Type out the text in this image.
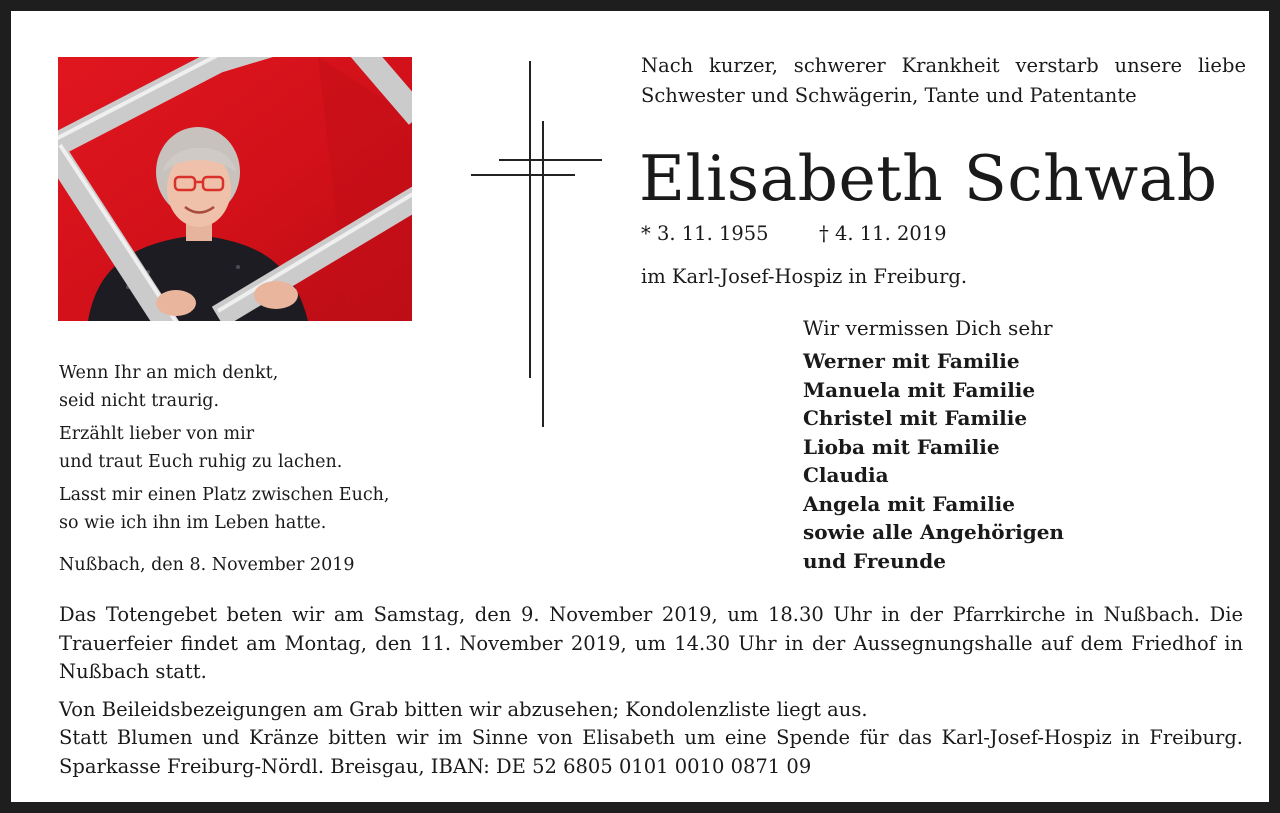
Nach kurzer, schwerer Krankheit verstarb unsere liebe Schwester und Schwägerin, Tante und Patentante
Elisabeth Schwab
* 3. 11. 1955	† 4. 11. 2019
im Karl-Josef-Hospiz in Freiburg.

Wenn Ihr an mich denkt,
seid nicht traurig.

Erzählt lieber von mir
und traut Euch ruhig zu lachen.

Lasst mir einen Platz zwischen Euch,
so wie ich ihn im Leben hatte.

Nußbach, den 8. November 2019
Wir vermissen Dich sehr
Werner mit Familie
Manuela mit Familie
Christel mit Familie
Lioba mit Familie
Claudia
Angela mit Familie
sowie alle Angehörigen
und Freunde

Das Totengebet beten wir am Samstag, den 9. November 2019, um 18.30 Uhr in der Pfarrkirche in Nußbach. Die Trauerfeier findet am Montag, den 11. November 2019, um 14.30 Uhr in der Aussegnungshalle auf dem Friedhof in Nußbach statt.

Von Beileidsbezeigungen am Grab bitten wir abzusehen; Kondolenzliste liegt aus.
Statt Blumen und Kränze bitten wir im Sinne von Elisabeth um eine Spende für das Karl-Josef-Hospiz in Freiburg. Sparkasse Freiburg-Nördl. Breisgau, IBAN: DE 52 6805 0101 0010 0871 09
